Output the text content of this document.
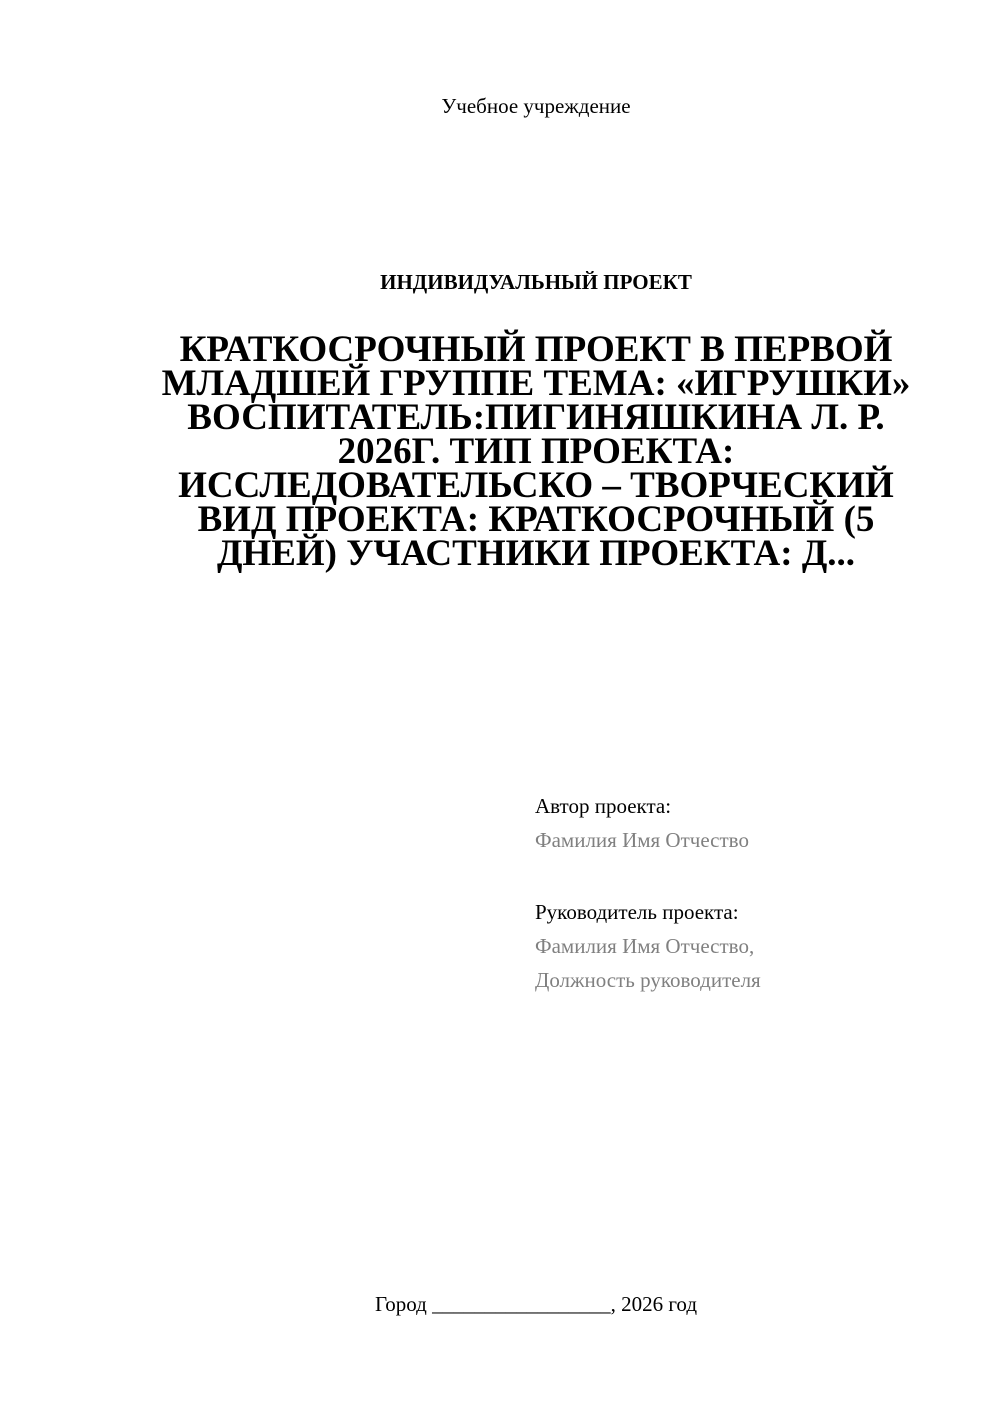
Учебное учреждение
ИНДИВИДУАЛЬНЫЙ ПРОЕКТ
КРАТКОСРОЧНЫЙ ПРОЕКТ В ПЕРВОЙ МЛАДШЕЙ ГРУППЕ ТЕМА: «ИГРУШКИ» ВОСПИТАТЕЛЬ:ПИГИНЯШКИНА Л. Р. 2026Г. ТИП ПРОЕКТА: ИССЛЕДОВАТЕЛЬСКО – ТВОРЧЕСКИЙ ВИД ПРОЕКТА: КРАТКОСРОЧНЫЙ (5 ДНЕЙ) УЧАСТНИКИ ПРОЕКТА: Д...
Автор проекта:
Фамилия Имя Отчество
Руководитель проекта:
Фамилия Имя Отчество,
Должность руководителя
Город _________________, 2026 год
